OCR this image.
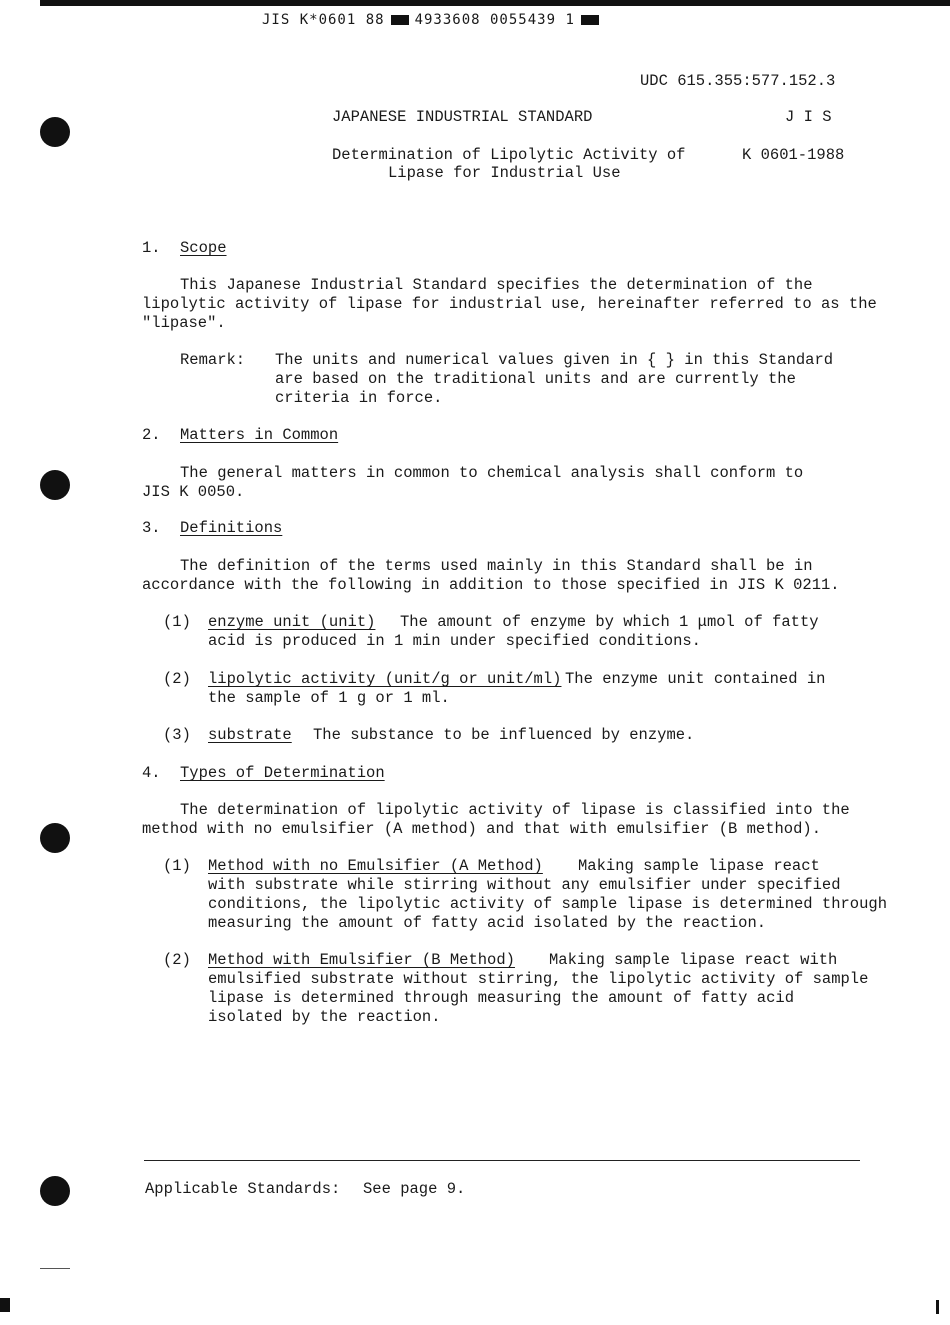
JIS K*0601 88 4933608 0055439 1
UDC 615.355:577.152.3
JAPANESE INDUSTRIAL STANDARD	J I S
Determination of Lipolytic Activity of
Lipase for Industrial Use
K 0601-1988
1. Scope
This Japanese Industrial Standard specifies the determination of the
lipolytic activity of lipase for industrial use, hereinafter referred to as the
"lipase".
Remark: The units and numerical values given in { } in this Standard
are based on the traditional units and are currently the
criteria in force.
2. Matters in Common
The general matters in common to chemical analysis shall conform to
JIS K 0050.
3. Definitions
The definition of the terms used mainly in this Standard shall be in
accordance with the following in addition to those specified in JIS K 0211.
(1) enzyme unit (unit) The amount of enzyme by which 1 μmol of fatty
acid is produced in 1 min under specified conditions.
(2) lipolytic activity (unit/g or unit/ml) The enzyme unit contained in
the sample of 1 g or 1 ml.
(3) substrate The substance to be influenced by enzyme.
4. Types of Determination
The determination of lipolytic activity of lipase is classified into the
method with no emulsifier (A method) and that with emulsifier (B method).
(1) Method with no Emulsifier (A Method) Making sample lipase react
with substrate while stirring without any emulsifier under specified
conditions, the lipolytic activity of sample lipase is determined through
measuring the amount of fatty acid isolated by the reaction.
(2) Method with Emulsifier (B Method) Making sample lipase react with
emulsified substrate without stirring, the lipolytic activity of sample
lipase is determined through measuring the amount of fatty acid
isolated by the reaction.
Applicable Standards: See page 9.
